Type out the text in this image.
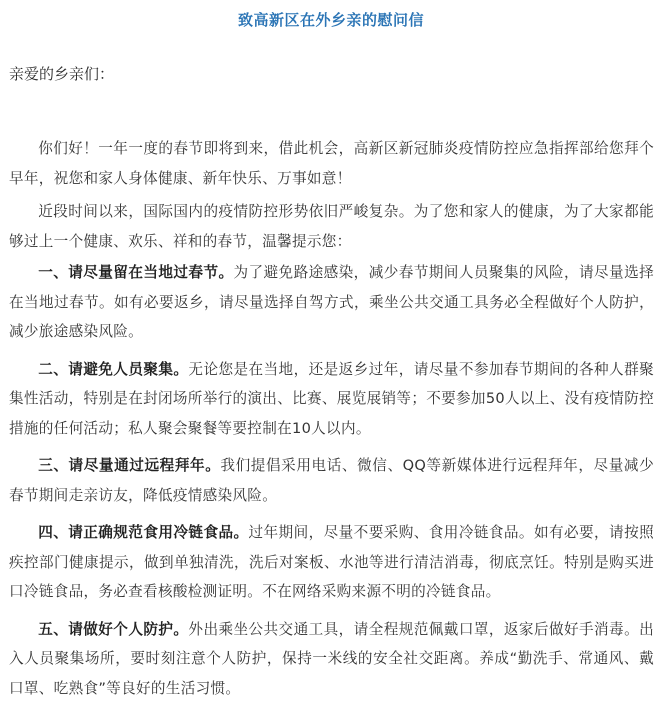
致高新区在外乡亲的慰问信
亲爱的乡亲们：

你们好！一年一度的春节即将到来，借此机会，高新区新冠肺炎疫情防控应急指挥部给您拜个早年，祝您和家人身体健康、新年快乐、万事如意！

近段时间以来，国际国内的疫情防控形势依旧严峻复杂。为了您和家人的健康，为了大家都能够过上一个健康、欢乐、祥和的春节，温馨提示您：

一、请尽量留在当地过春节。为了避免路途感染，减少春节期间人员聚集的风险，请尽量选择在当地过春节。如有必要返乡，请尽量选择自驾方式，乘坐公共交通工具务必全程做好个人防护，减少旅途感染风险。

二、请避免人员聚集。无论您是在当地，还是返乡过年，请尽量不参加春节期间的各种人群聚集性活动，特别是在封闭场所举行的演出、比赛、展览展销等；不要参加50人以上、没有疫情防控措施的任何活动；私人聚会聚餐等要控制在10人以内。

三、请尽量通过远程拜年。我们提倡采用电话、微信、QQ等新媒体进行远程拜年，尽量减少春节期间走亲访友，降低疫情感染风险。

四、请正确规范食用冷链食品。过年期间，尽量不要采购、食用冷链食品。如有必要，请按照疾控部门健康提示，做到单独清洗，洗后对案板、水池等进行清洁消毒，彻底烹饪。特别是购买进口冷链食品，务必查看核酸检测证明。不在网络采购来源不明的冷链食品。

五、请做好个人防护。外出乘坐公共交通工具，请全程规范佩戴口罩，返家后做好手消毒。出入人员聚集场所，要时刻注意个人防护，保持一米线的安全社交距离。养成“勤洗手、常通风、戴口罩、吃熟食”等良好的生活习惯。
